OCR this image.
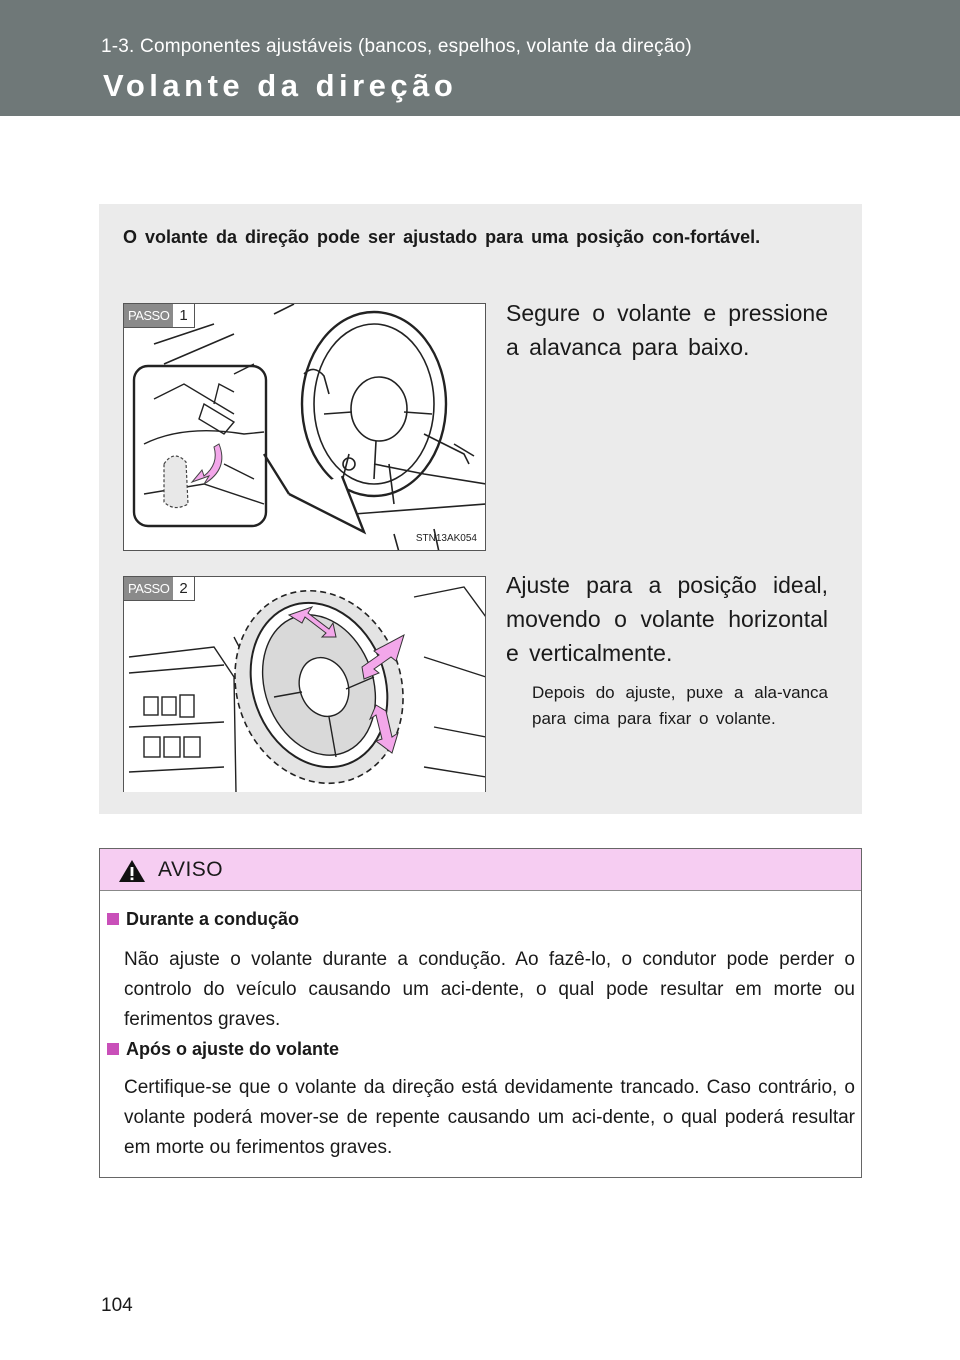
1-3. Componentes ajustáveis (bancos, espelhos, volante da direção)
Volante da direção
O volante da direção pode ser ajustado para uma posição con-fortável.
PASSO 1
STN13AK054
Segure o volante e pressione a alavanca para baixo.
PASSO 2	Ajuste para a posição ideal, movendo o volante horizontal e verticalmente.
Depois do ajuste, puxe a ala-vanca para cima para fixar o volante.
AVISO
Durante a condução
Não ajuste o volante durante a condução. Ao fazê-lo, o condutor pode perder o controlo do veículo causando um aci-dente, o qual pode resultar em morte ou ferimentos graves.
Após o ajuste do volante
Certifique-se que o volante da direção está devidamente trancado. Caso contrário, o volante poderá mover-se de repente causando um aci-dente, o qual poderá resultar em morte ou ferimentos graves.
104
